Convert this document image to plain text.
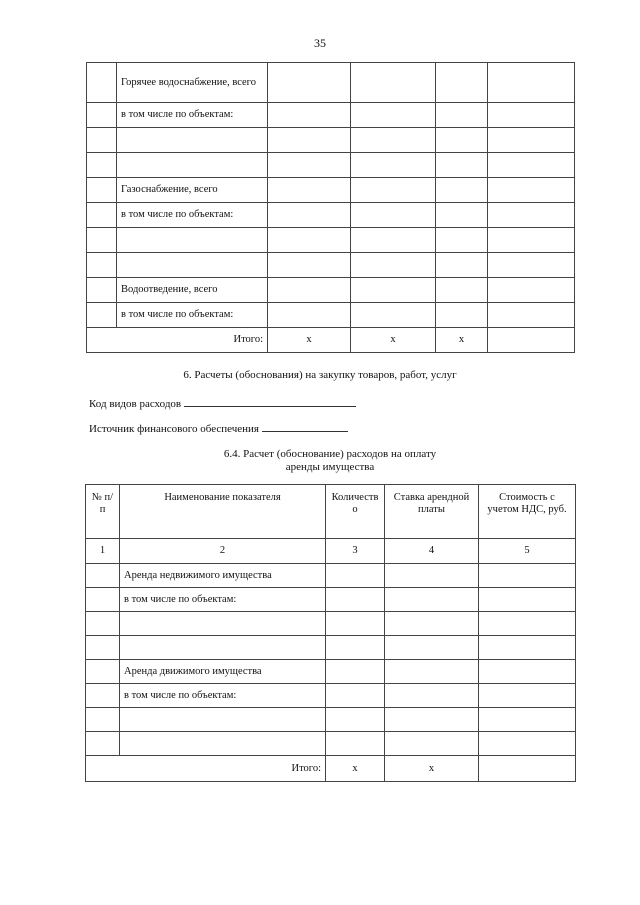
35
	Горячее водоснабжение, всего				
	в том числе по объектам:				

	Газоснабжение, всего				
	в том числе по объектам:				

	Водоотведение, всего				
	в том числе по объектам:				
Итого:		х	х	х	
6. Расчеты (обоснования) на закупку товаров, работ, услуг
Код видов расходов
Источник финансового обеспечения
6.4. Расчет (обоснование) расходов на оплату
аренды имущества
№ п/п	Наименование показателя	Количество	Ставка арендной платы	Стоимость с учетом НДС, руб.
1	2	3	4	5
	Аренда недвижимого имущества			
	в том числе по объектам:			

	Аренда движимого имущества			
	в том числе по объектам:			

Итого:		х	х	
